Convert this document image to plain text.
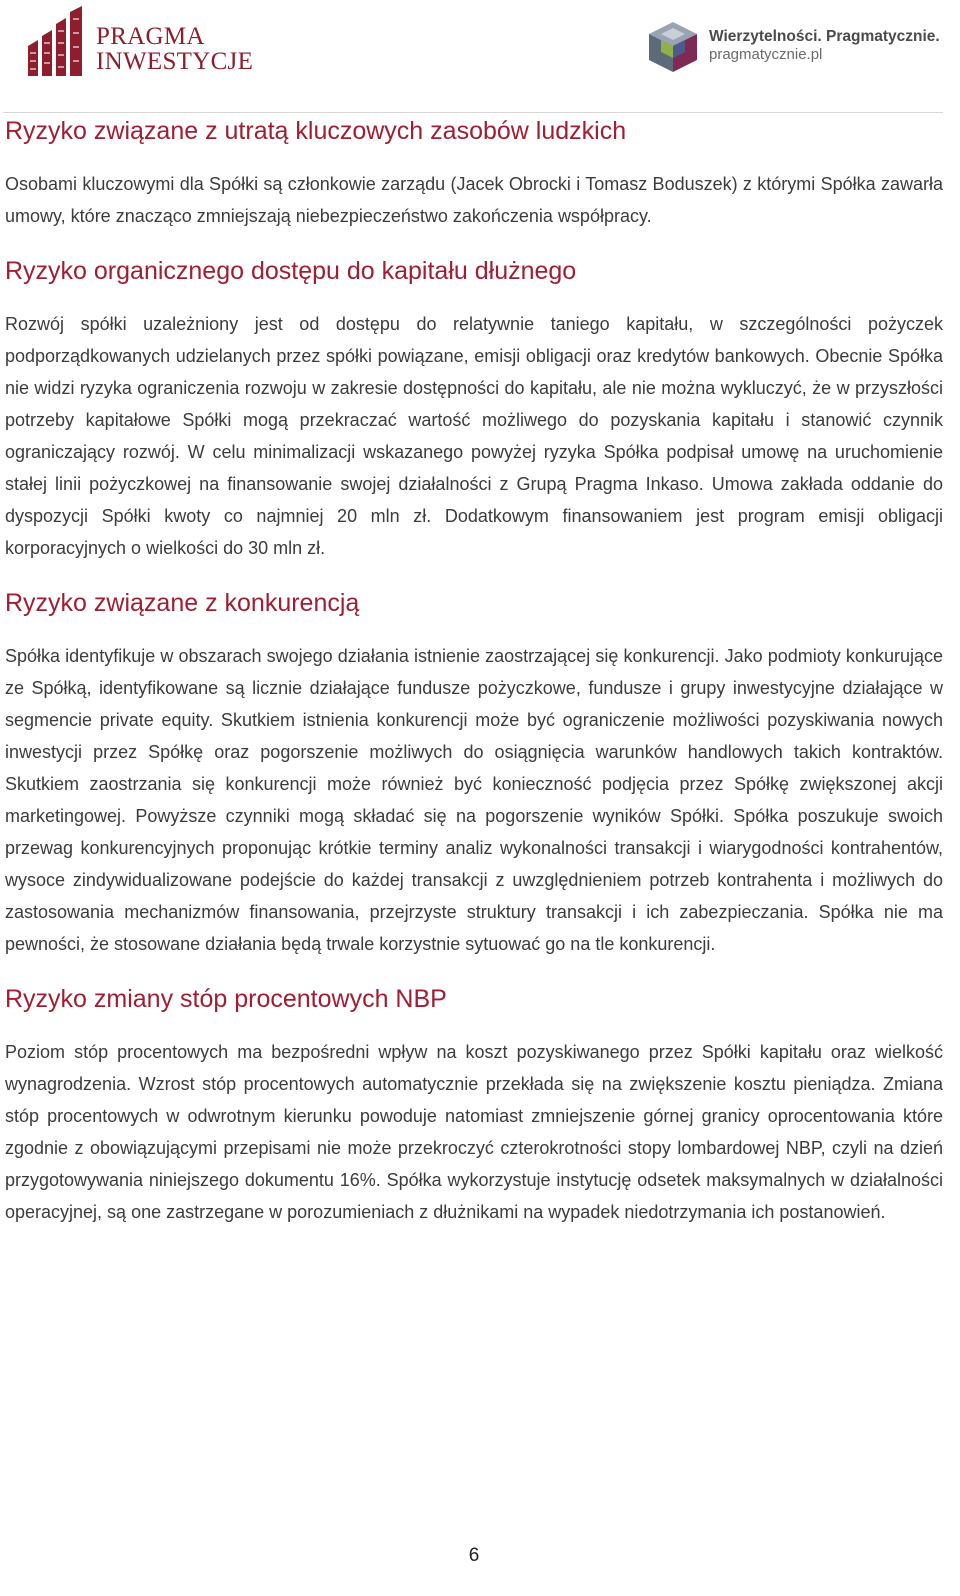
PRAGMA
INWESTYCJE
Wierzytelności. Pragmatycznie.
pragmatycznie.pl
Ryzyko związane z utratą kluczowych zasobów ludzkich

Osobami kluczowymi dla Spółki są członkowie zarządu (Jacek Obrocki i Tomasz Boduszek) z którymi Spółka zawarła umowy, które znacząco zmniejszają niebezpieczeństwo zakończenia współpracy.

Ryzyko organicznego dostępu do kapitału dłużnego

Rozwój spółki uzależniony jest od dostępu do relatywnie taniego kapitału, w szczególności pożyczek podporządkowanych udzielanych przez spółki powiązane, emisji obligacji oraz kredytów bankowych. Obecnie Spółka nie widzi ryzyka ograniczenia rozwoju w zakresie dostępności do kapitału, ale nie można wykluczyć, że w przyszłości potrzeby kapitałowe Spółki mogą przekraczać wartość możliwego do pozyskania kapitału i stanowić czynnik ograniczający rozwój. W celu minimalizacji wskazanego powyżej ryzyka Spółka podpisał umowę na uruchomienie stałej linii pożyczkowej na finansowanie swojej działalności z Grupą Pragma Inkaso. Umowa zakłada oddanie do dyspozycji Spółki kwoty co najmniej 20 mln zł. Dodatkowym finansowaniem jest program emisji obligacji korporacyjnych o wielkości do 30 mln zł.

Ryzyko związane z konkurencją

Spółka identyfikuje w obszarach swojego działania istnienie zaostrzającej się konkurencji. Jako podmioty konkurujące ze Spółką, identyfikowane są licznie działające fundusze pożyczkowe, fundusze i grupy inwestycyjne działające w segmencie private equity. Skutkiem istnienia konkurencji może być ograniczenie możliwości pozyskiwania nowych inwestycji przez Spółkę oraz pogorszenie możliwych do osiągnięcia warunków handlowych takich kontraktów. Skutkiem zaostrzania się konkurencji może również być konieczność podjęcia przez Spółkę zwiększonej akcji marketingowej. Powyższe czynniki mogą składać się na pogorszenie wyników Spółki. Spółka poszukuje swoich przewag konkurencyjnych proponując krótkie terminy analiz wykonalności transakcji i wiarygodności kontrahentów, wysoce zindywidualizowane podejście do każdej transakcji z uwzględnieniem potrzeb kontrahenta i możliwych do zastosowania mechanizmów finansowania, przejrzyste struktury transakcji i ich zabezpieczania. Spółka nie ma pewności, że stosowane działania będą trwale korzystnie sytuować go na tle konkurencji.

Ryzyko zmiany stóp procentowych NBP

Poziom stóp procentowych ma bezpośredni wpływ na koszt pozyskiwanego przez Spółki kapitału oraz wielkość wynagrodzenia. Wzrost stóp procentowych automatycznie przekłada się na zwiększenie kosztu pieniądza. Zmiana stóp procentowych w odwrotnym kierunku powoduje natomiast zmniejszenie górnej granicy oprocentowania które zgodnie z obowiązującymi przepisami nie może przekroczyć czterokrotności stopy lombardowej NBP, czyli na dzień przygotowywania niniejszego dokumentu 16%. Spółka wykorzystuje instytucję odsetek maksymalnych w działalności operacyjnej, są one zastrzegane w porozumieniach z dłużnikami na wypadek niedotrzymania ich postanowień.

6
